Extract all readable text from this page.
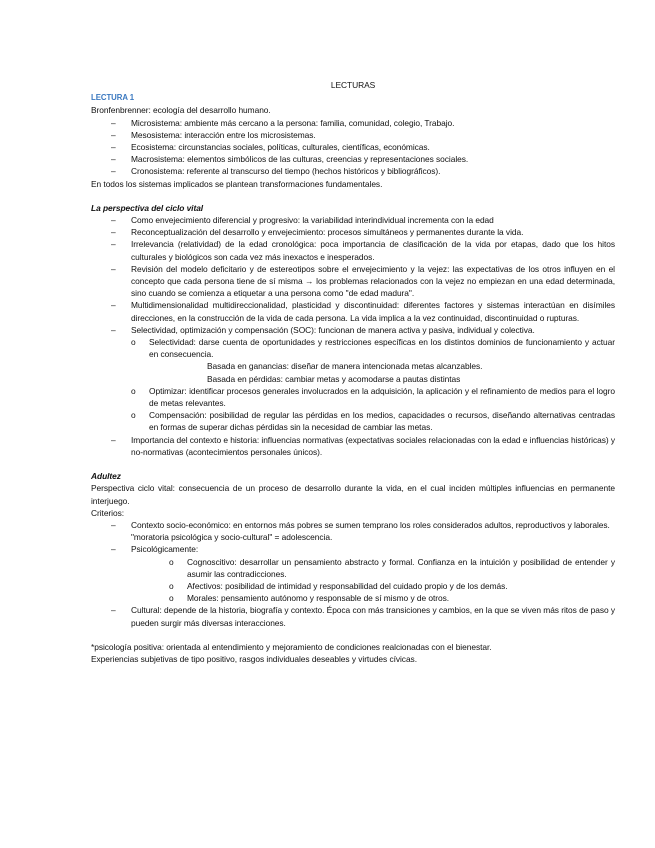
LECTURAS

LECTURA 1

Bronfenbrenner: ecología del desarrollo humano.

– Microsistema: ambiente más cercano a la persona: familia, comunidad, colegio, Trabajo.
– Mesosistema: interacción entre los microsistemas.
– Ecosistema: circunstancias sociales, políticas, culturales, científicas, económicas.
– Macrosistema: elementos simbólicos de las culturas, creencias y representaciones sociales.
– Cronosistema: referente al transcurso del tiempo (hechos históricos y bibliográficos).

En todos los sistemas implicados se plantean transformaciones fundamentales.

La perspectiva del ciclo vital

– Como envejecimiento diferencial y progresivo: la variabilidad interindividual incrementa con la edad
– Reconceptualización del desarrollo y envejecimiento: procesos simultáneos y permanentes durante la vida.
– Irrelevancia (relatividad) de la edad cronológica: poca importancia de clasificación de la vida por etapas, dado que los hitos culturales y biológicos son cada vez más inexactos e inesperados.
– Revisión del modelo deficitario y de estereotipos sobre el envejecimiento y la vejez: las expectativas de los otros influyen en el concepto que cada persona tiene de sí misma → los problemas relacionados con la vejez no empiezan en una edad determinada, sino cuando se comienza a etiquetar a una persona como "de edad madura".
– Multidimensionalidad multidireccionalidad, plasticidad y discontinuidad: diferentes factores y sistemas interactúan en disímiles direcciones, en la construcción de la vida de cada persona. La vida implica a la vez continuidad, discontinuidad o rupturas.
– Selectividad, optimización y compensación (SOC): funcionan de manera activa y pasiva, individual y colectiva.
o Selectividad: darse cuenta de oportunidades y restricciones específicas en los distintos dominios de funcionamiento y actuar en consecuencia.
Basada en ganancias: diseñar de manera intencionada metas alcanzables.
Basada en pérdidas: cambiar metas y acomodarse a pautas distintas
o Optimizar: identificar procesos generales involucrados en la adquisición, la aplicación y el refinamiento de medios para el logro de metas relevantes.
o Compensación: posibilidad de regular las pérdidas en los medios, capacidades o recursos, diseñando alternativas centradas en formas de superar dichas pérdidas sin la necesidad de cambiar las metas.
– Importancia del contexto e historia: influencias normativas (expectativas sociales relacionadas con la edad e influencias históricas) y no-normativas (acontecimientos personales únicos).

Adultez

Perspectiva ciclo vital: consecuencia de un proceso de desarrollo durante la vida, en el cual inciden múltiples influencias en permanente interjuego.

Criterios:

– Contexto socio-económico: en entornos más pobres se sumen temprano los roles considerados adultos, reproductivos y laborales.
"moratoria psicológica y socio-cultural" = adolescencia.
– Psicológicamente:
o Cognoscitivo: desarrollar un pensamiento abstracto y formal. Confianza en la intuición y posibilidad de entender y asumir las contradicciones.
o Afectivos: posibilidad de intimidad y responsabilidad del cuidado propio y de los demás.
o Morales: pensamiento autónomo y responsable de sí mismo y de otros.
– Cultural: depende de la historia, biografía y contexto. Época con más transiciones y cambios, en la que se viven más ritos de paso y pueden surgir más diversas interacciones.

*psicología positiva: orientada al entendimiento y mejoramiento de condiciones realcionadas con el bienestar.

Experiencias subjetivas de tipo positivo, rasgos individuales deseables y virtudes cívicas.
